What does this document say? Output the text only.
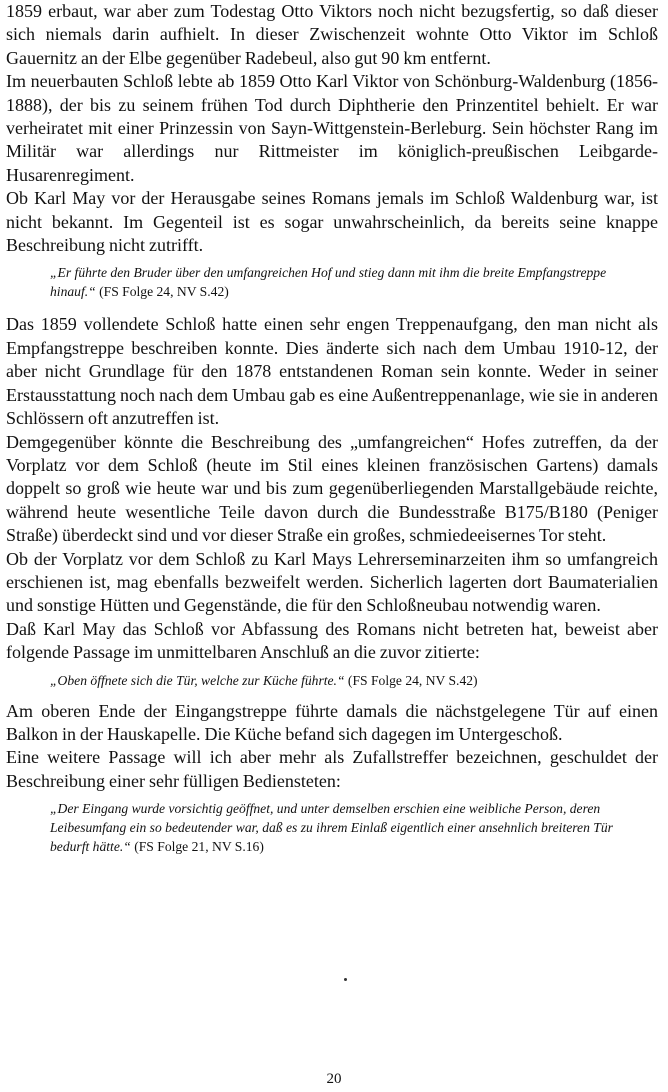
1859 erbaut, war aber zum Todestag Otto Viktors noch nicht bezugsfertig, so daß dieser sich niemals darin aufhielt. In dieser Zwischenzeit wohnte Otto Viktor im Schloß Gauernitz an der Elbe gegenüber Radebeul, also gut 90 km entfernt.

Im neuerbauten Schloß lebte ab 1859 Otto Karl Viktor von Schönburg-Waldenburg (1856-1888), der bis zu seinem frühen Tod durch Diphtherie den Prinzentitel behielt. Er war verheiratet mit einer Prinzessin von Sayn-Wittgenstein-Berleburg. Sein höchster Rang im Militär war allerdings nur Rittmeister im königlich-preußischen Leibgarde-Husarenregiment.

Ob Karl May vor der Herausgabe seines Romans jemals im Schloß Waldenburg war, ist nicht bekannt. Im Gegenteil ist es sogar unwahrscheinlich, da bereits seine knappe Beschreibung nicht zutrifft.

„Er führte den Bruder über den umfangreichen Hof und stieg dann mit ihm die breite Empfangstreppe hinauf.“ (FS Folge 24, NV S.42)

Das 1859 vollendete Schloß hatte einen sehr engen Treppenaufgang, den man nicht als Empfangstreppe beschreiben konnte. Dies änderte sich nach dem Umbau 1910-12, der aber nicht Grundlage für den 1878 entstandenen Roman sein konnte. Weder in seiner Erstausstattung noch nach dem Umbau gab es eine Außentreppenanlage, wie sie in anderen Schlössern oft anzutreffen ist.

Demgegenüber könnte die Beschreibung des „umfangreichen“ Hofes zutreffen, da der Vorplatz vor dem Schloß (heute im Stil eines kleinen französischen Gartens) damals doppelt so groß wie heute war und bis zum gegenüberliegenden Marstallgebäude reichte, während heute wesentliche Teile davon durch die Bundesstraße B175/B180 (Peniger Straße) überdeckt sind und vor dieser Straße ein großes, schmiedeeisernes Tor steht.

Ob der Vorplatz vor dem Schloß zu Karl Mays Lehrerseminarzeiten ihm so umfangreich erschienen ist, mag ebenfalls bezweifelt werden. Sicherlich lagerten dort Baumaterialien und sonstige Hütten und Gegenstände, die für den Schloßneubau notwendig waren.

Daß Karl May das Schloß vor Abfassung des Romans nicht betreten hat, beweist aber folgende Passage im unmittelbaren Anschluß an die zuvor zitierte:

„Oben öffnete sich die Tür, welche zur Küche führte.“ (FS Folge 24, NV S.42)

Am oberen Ende der Eingangstreppe führte damals die nächstgelegene Tür auf einen Balkon in der Hauskapelle. Die Küche befand sich dagegen im Untergeschoß.

Eine weitere Passage will ich aber mehr als Zufallstreffer bezeichnen, geschuldet der Beschreibung einer sehr fülligen Bediensteten:

„Der Eingang wurde vorsichtig geöffnet, und unter demselben erschien eine weibliche Person, deren Leibesumfang ein so bedeutender war, daß es zu ihrem Einlaß eigentlich einer ansehnlich breiteren Tür bedurft hätte.“ (FS Folge 21, NV S.16)

20
